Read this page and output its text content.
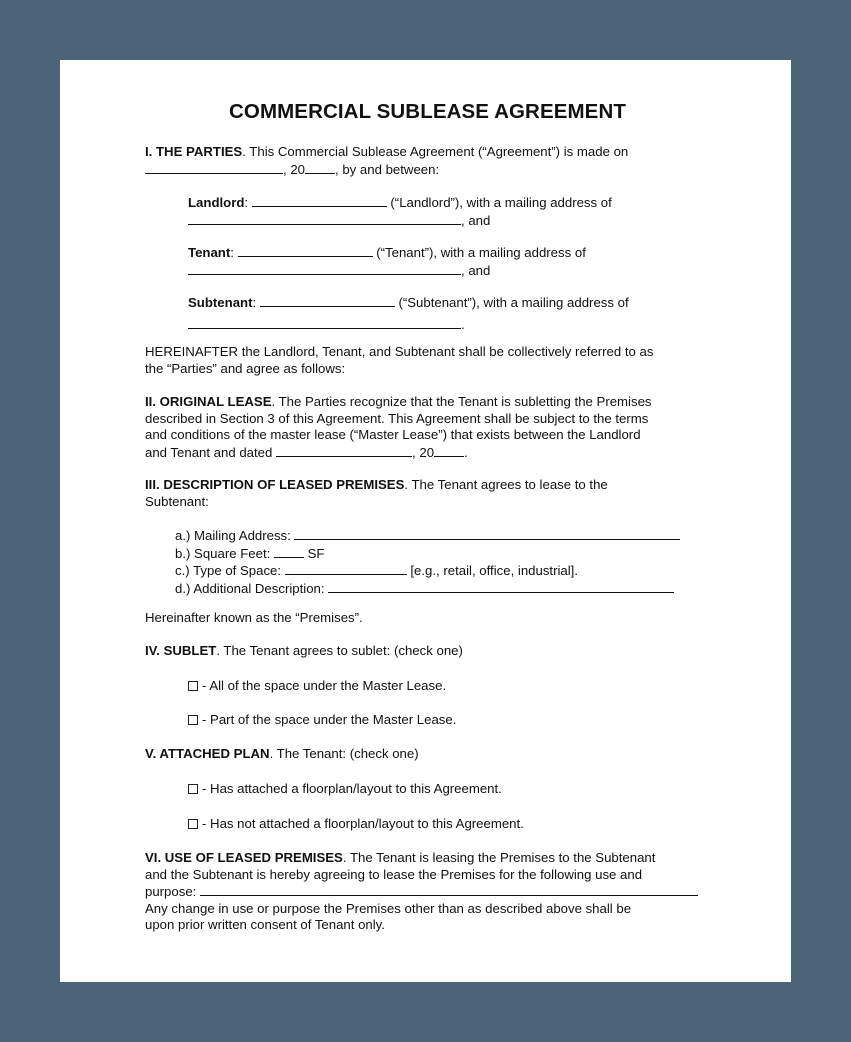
COMMERCIAL SUBLEASE AGREEMENT

I. THE PARTIES. This Commercial Sublease Agreement (“Agreement”) is made on

, 20 , by and between:

Landlord:	(“Landlord”), with a mailing address of

, and

Tenant:	(“Tenant”), with a mailing address of

, and

Subtenant:	(“Subtenant”), with a mailing address of

.

HEREINAFTER the Landlord, Tenant, and Subtenant shall be collectively referred to as

the “Parties” and agree as follows:

II. ORIGINAL LEASE. The Parties recognize that the Tenant is subletting the Premises

described in Section 3 of this Agreement. This Agreement shall be subject to the terms

and conditions of the master lease (“Master Lease”) that exists between the Landlord

and Tenant and dated	, 20 .

III. DESCRIPTION OF LEASED PREMISES. The Tenant agrees to lease to the

Subtenant:

a.) Mailing Address:

b.) Square Feet:  SF

c.) Type of Space:	[e.g., retail, office, industrial].

d.) Additional Description:

Hereinafter known as the “Premises”.

IV. SUBLET. The Tenant agrees to sublet: (check one)

- All of the space under the Master Lease.

- Part of the space under the Master Lease.

V. ATTACHED PLAN. The Tenant: (check one)

- Has attached a floorplan/layout to this Agreement.

- Has not attached a floorplan/layout to this Agreement.

VI. USE OF LEASED PREMISES. The Tenant is leasing the Premises to the Subtenant

and the Subtenant is hereby agreeing to lease the Premises for the following use and

purpose:

Any change in use or purpose the Premises other than as described above shall be

upon prior written consent of Tenant only.
